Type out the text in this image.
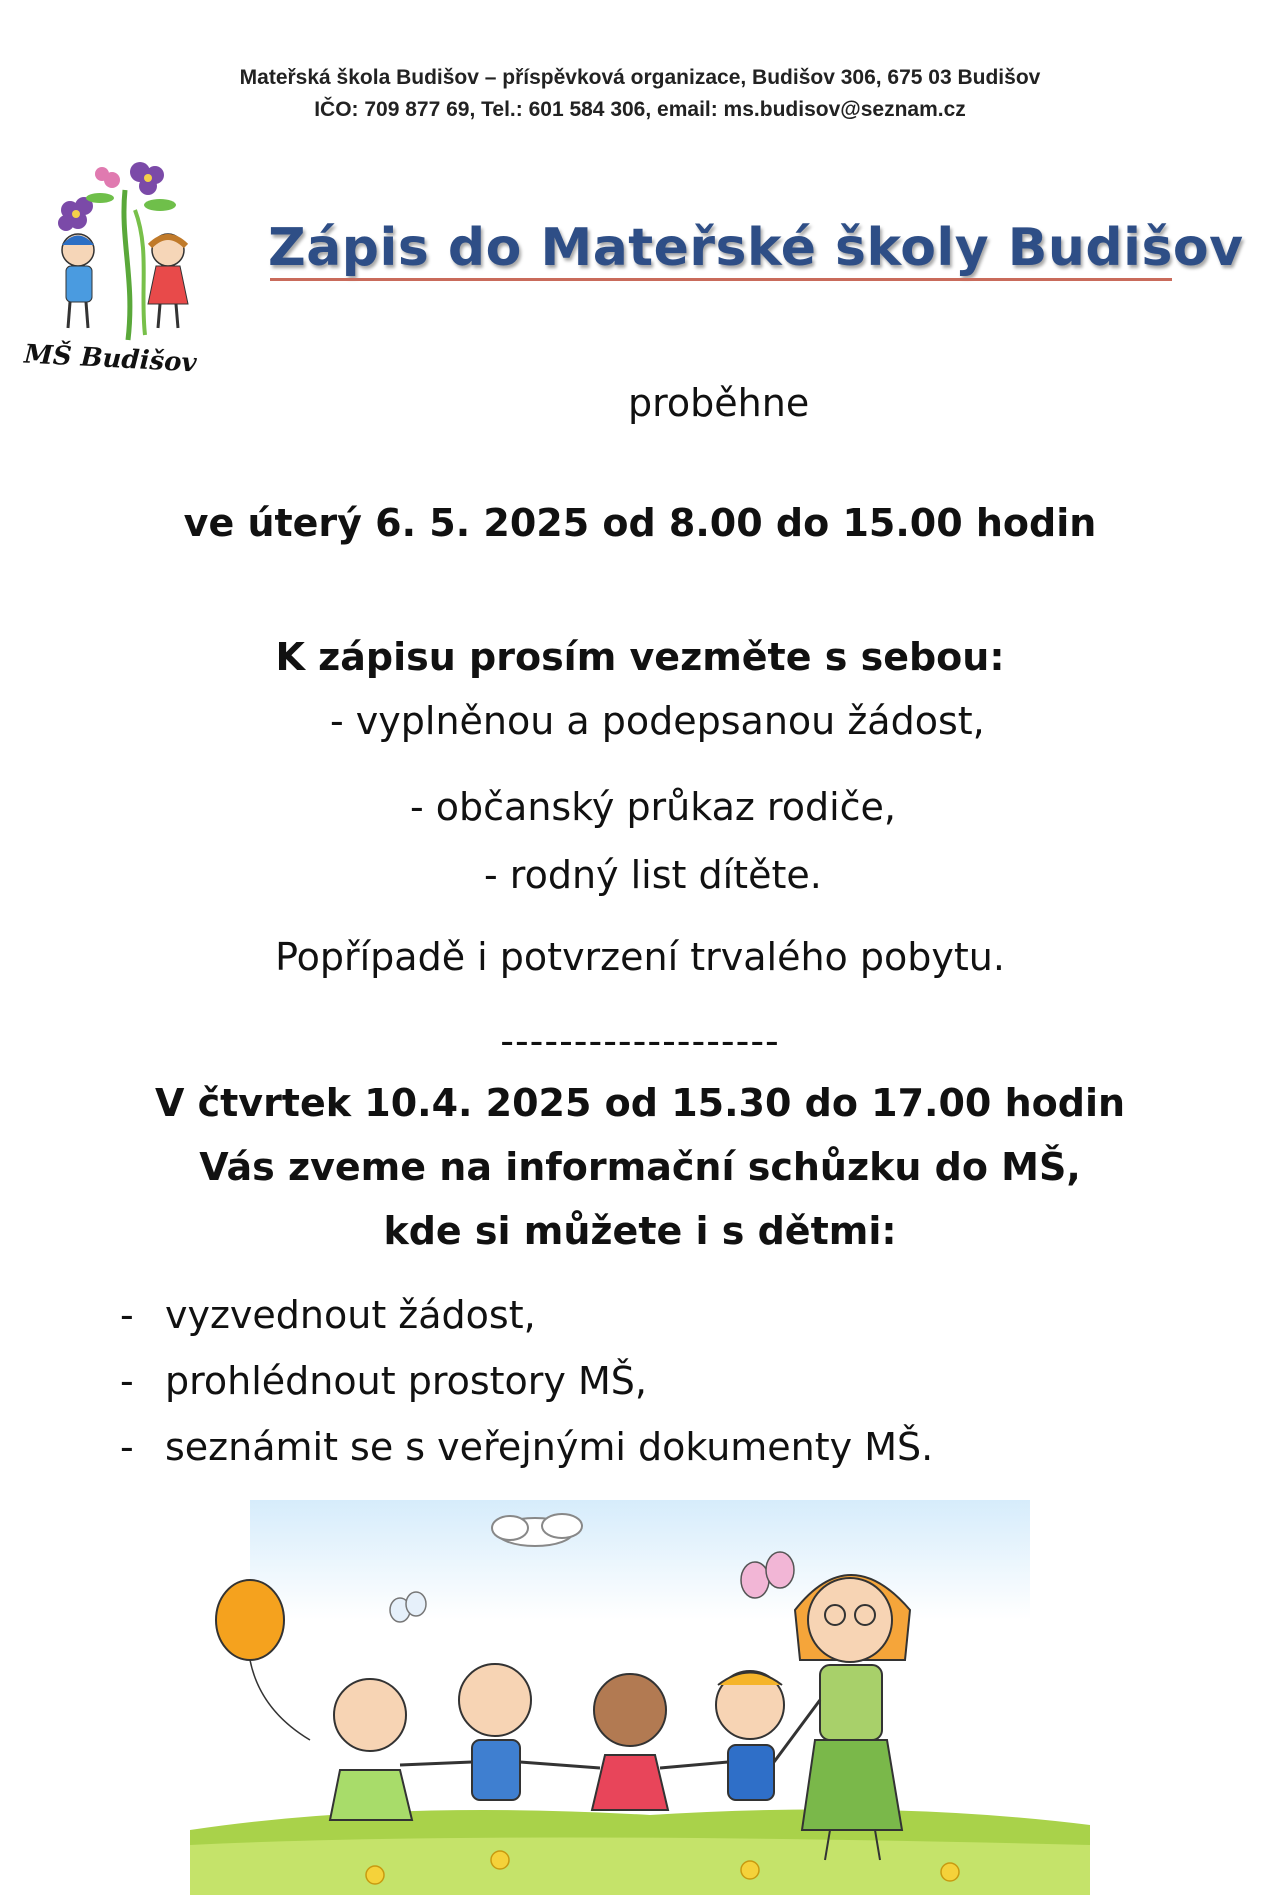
Mateřská škola Budišov – příspěvková organizace, Budišov 306, 675 03 Budišov
IČO: 709 877 69, Tel.: 601 584 306, email: ms.budisov@seznam.cz
MŠ Budišov
Zápis do Mateřské školy Budišov
proběhne
ve úterý 6. 5. 2025 od 8.00 do 15.00 hodin
K zápisu prosím vezměte s sebou:
- vyplněnou a podepsanou žádost,
- občanský průkaz rodiče,
- rodný list dítěte.
Popřípadě i potvrzení trvalého pobytu.
-------------------
V čtvrtek 10.4. 2025 od 15.30 do 17.00 hodin
Vás zveme na informační schůzku do MŠ,
kde si můžete i s dětmi:
- vyzvednout žádost,
- prohlédnout prostory MŠ,
- seznámit se s veřejnými dokumenty MŠ.
